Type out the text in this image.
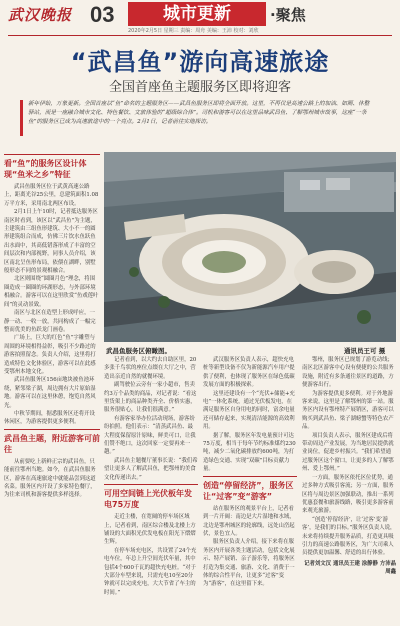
武汉晚报 03	城市更新	·聚焦
2020年2月5日 星期三 责编：周舟 美编：王沛 校对：刘欣
“武昌鱼”游向高速旅途
全国首座鱼主题服务区即将迎客
新年伊始，万象更新。全国首座以“鱼”命名的主题服务区——武昌鱼服务区即将全面开放。这里，不再仅是高速公路上的加油、如厕、休整驿站，而是一座融合城市文化、特色餐饮、文旅体验的“超级综合体”。司机和游客可以在这里品味武昌鱼、了解鄂州城市故事，这座“一条鱼”的服务区已成为高速旅途中的一个亮点。2月1日，记者前往实地探访。
武昌鱼服务区俯瞰图。	通讯员王可 摄
看“鱼”的服务区设计体现“鱼米之乡”特征

武昌鱼服务区位于武黄高速公路上，距离光谷25公里，总建筑面积1.08万平方米，采用南北两区布设。

2月1日上午10时，记者抵达服务区南区时看到，该区以“武昌鱼”为主题，主建筑由三组鱼形建筑、大小不一的圆形建筑组合而成，仿佛三片饮水鱼跃鱼出水面中，其高低错落形成了丰富的空间层次和内部视野，同事人员介绍，该区南北呈鱼形布局，依偎在湖畔，别墅般形态不同的景观相融合。

北区则围绕“圆圈月色”理念，将围圈造成一圈圈的环湖形态，与外部环境相融合。游客可以在这里欣赏“鱼戏莲叶间”的灵动景致。

南区与北区在造型上形成呼应，一静一动、一收一放，共同构成了一幅完整而优美的鱼跃龙门画卷。

广场上，巨大的红色“鱼”字雕塑与周围的环境相得益彰，吸引不少路过的游客拍照留念。负责人介绍，这里将打造成特色文化体验区，游客可以在此感受鄂州本地文化。

武昌鱼服务区156亩地块被鱼池环绕，紧邻梁子湖，周边拥有大片原始湿地。游客可以在这里休憩，饱览自然风光。

中秋节期间，据悉服务区还将开设休闲区，为游客提供更多便利。

武昌鱼主题，附近游客可前往

从前要吃上新鲜正宗的武昌鱼，只能前往鄂州当地。如今，在武昌鱼服务区，游客在高速旅途中就能品尝到这道名菜。服务区内开设了多家特色餐厅，为往来司机和游客提供多样选择。

记者看到，以大约去自助区里，20多张千鸟状的座位点缀在大厅之中，营造出亲近自然的就餐环境。

副驾驶位云旁有一家小超市，售卖约3万个品类的商品，对记者说：“看这里货架上的商品种类齐全、价格实惠，服务很贴心，让我们很满意。”

有游客家举办位活动现场，游客纷纷拍照。他们表示：“清蒸武昌鱼、最大程度保留原汁原味，鲜美可口，让我们赞不绝口，这次回家一定要再来一趟。”

武昌鱼主题餐厅董事长说：“我们希望让更多人了解武昌鱼，把鄂州的美食文化传递出去。”

可用空间链上光伏板年发电75万度

走近主楼，在宽阔的停车场区域上，记者看到，南区综合楼及北楼上方铺设的大面积光伏发电板在阳光下熠熠生辉。

在停车场充电区，共设置了24个充电车位，年总上升空间光伏年量，其中包括4个600千瓦的超快充电桩。“对于大部分车型来说，只需充电10至20分钟就可以完成充电，大大节省了车主的时间。”

武汉服务区负责人表示，超快充电桩等新型设备不仅为新能源汽车用户提供了便利，也体现了服务区在绿色低碳发展方面的积极探索。

这里还建设有一个“光伏+储能+充电”一体化系统，通过光伏板发电，在满足服务区自身用电的同时，富余电量还可储存起来，实现清洁能源的高效利用。

据了解，服务区年发电量预计可达75万度，相当于每年节约标准煤约230吨，减少二氧化碳排放约600吨，为打造绿色交通、实现“双碳”目标贡献力量。

创造“停留经济”，服务区让“过客”变“游客”

站在服务区的观景平台上，记者看到一片开阔：南边是大片湿地和水域，北边是鄂州城区的轮廓线，远处山峦起伏，景色宜人。

服务区负责人介绍，接下来将在服务区内开展各类主题活动，包括文化展示、特产展销、亲子游乐等，将服务区打造为集交通、旅游、文化、消费于一体的综合性平台，让更多“过客”变为“游客”，在这里留下来。

鄂州，服务区已规划了游览动线；南区北区游客中心设有便捷的公共服务设施，附近有多条通往景区的道路，方便游客出行。

为游客提供更多便利。对于外地游客来说，这里是了解鄂州的第一站。服务区内设有鄂州特产展销区，游客可以购买到武昌鱼、梁子湖螃蟹等特色农产品。

项目负责人表示，服务区建成后将带动周边产业发展，为当地居民提供就业岗位，促进乡村振兴。“我们希望通过服务区这个窗口，让更多的人了解鄂州、爱上鄂州。”

一方面，服务区依托区位优势，通过多种方式吸引客流；另一方面，服务区将与周边景区加强联动，推出一系列优惠套餐和旅游线路，吸引更多游客前来观光旅游。

“创造‘停留经济’，让‘过客’变‘游客’，是我们的目标。”服务区负责人说，未来将持续提升服务品质，打造更具吸引力的高速公路服务区，为广大司乘人员提供更加温馨、舒适的出行体验。

记者刘文汉 通讯员王建 涂静静 方沛晶 周鑫
